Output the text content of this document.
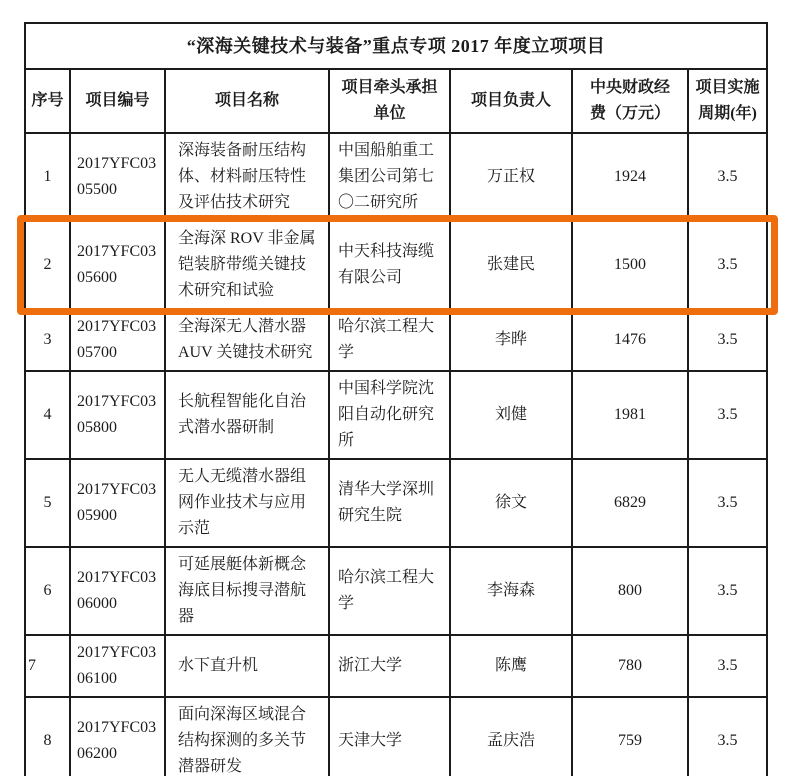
“深海关键技术与装备”重点专项 2017 年度立项项目						
序号	项目编号	项目名称	项目牵头承担单位	项目负责人	中央财政经费（万元）	项目实施周期(年)
1	2017YFC0305500	深海装备耐压结构体、材料耐压特性及评估技术研究	中国船舶重工集团公司第七〇二研究所	万正权	1924	3.5
2	2017YFC0305600	全海深 ROV 非金属铠装脐带缆关键技术研究和试验	中天科技海缆有限公司	张建民	1500	3.5
3	2017YFC0305700	全海深无人潜水器 AUV 关键技术研究	哈尔滨工程大学	李晔	1476	3.5
4	2017YFC0305800	长航程智能化自治式潜水器研制	中国科学院沈阳自动化研究所	刘健	1981	3.5
5	2017YFC0305900	无人无缆潜水器组网作业技术与应用示范	清华大学深圳研究生院	徐文	6829	3.5
6	2017YFC0306000	可延展艇体新概念海底目标搜寻潜航器	哈尔滨工程大学	李海森	800	3.5
7	2017YFC0306100	水下直升机	浙江大学	陈鹰	780	3.5
8	2017YFC0306200	面向深海区域混合结构探测的多关节潜器研发	天津大学	孟庆浩	759	3.5
